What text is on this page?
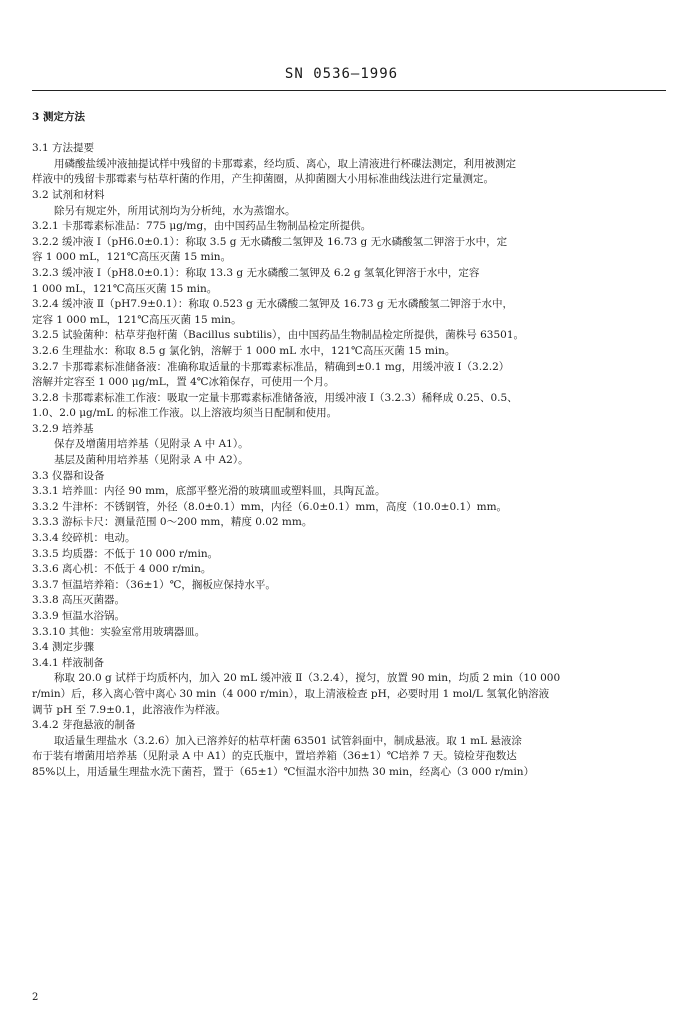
SN 0536—1996
3 测定方法
3.1 方法提要
用磷酸盐缓冲液抽提试样中残留的卡那霉素，经均质、离心，取上清液进行杯碟法测定，利用被测定
样液中的残留卡那霉素与枯草杆菌的作用，产生抑菌圈，从抑菌圈大小用标准曲线法进行定量测定。
3.2 试剂和材料
除另有规定外，所用试剂均为分析纯，水为蒸馏水。
3.2.1 卡那霉素标准品：775 μg/mg，由中国药品生物制品检定所提供。
3.2.2 缓冲液 Ⅰ（pH6.0±0.1）：称取 3.5 g 无水磷酸二氢钾及 16.73 g 无水磷酸氢二钾溶于水中，定
容 1 000 mL，121℃高压灭菌 15 min。
3.2.3 缓冲液 Ⅰ（pH8.0±0.1）：称取 13.3 g 无水磷酸二氢钾及 6.2 g 氢氧化钾溶于水中，定容
1 000 mL，121℃高压灭菌 15 min。
3.2.4 缓冲液 Ⅱ（pH7.9±0.1）：称取 0.523 g 无水磷酸二氢钾及 16.73 g 无水磷酸氢二钾溶于水中，
定容 1 000 mL，121℃高压灭菌 15 min。
3.2.5 试验菌种：枯草芽孢杆菌（Bacillus subtilis），由中国药品生物制品检定所提供，菌株号 63501。
3.2.6 生理盐水：称取 8.5 g 氯化钠，溶解于 1 000 mL 水中，121℃高压灭菌 15 min。
3.2.7 卡那霉素标准储备液：准确称取适量的卡那霉素标准品，精确到±0.1 mg，用缓冲液 Ⅰ（3.2.2）
溶解并定容至 1 000 μg/mL，置 4℃冰箱保存，可使用一个月。
3.2.8 卡那霉素标准工作液：吸取一定量卡那霉素标准储备液，用缓冲液 Ⅰ（3.2.3）稀释成 0.25、0.5、
1.0、2.0 μg/mL 的标准工作液。以上溶液均须当日配制和使用。
3.2.9 培养基
保存及增菌用培养基（见附录 A 中 A1）。
基层及菌种用培养基（见附录 A 中 A2）。
3.3 仪器和设备
3.3.1 培养皿：内径 90 mm，底部平整光滑的玻璃皿或塑料皿，具陶瓦盖。
3.3.2 牛津杯：不锈钢管，外径（8.0±0.1）mm，内径（6.0±0.1）mm，高度（10.0±0.1）mm。
3.3.3 游标卡尺：测量范围 0～200 mm，精度 0.02 mm。
3.3.4 绞碎机：电动。
3.3.5 均质器：不低于 10 000 r/min。
3.3.6 离心机：不低于 4 000 r/min。
3.3.7 恒温培养箱：（36±1）℃，搁板应保持水平。
3.3.8 高压灭菌器。
3.3.9 恒温水浴锅。
3.3.10 其他：实验室常用玻璃器皿。
3.4 测定步骤
3.4.1 样液制备
称取 20.0 g 试样于均质杯内，加入 20 mL 缓冲液 Ⅱ（3.2.4），搅匀，放置 90 min，均质 2 min（10 000
r/min）后，移入离心管中离心 30 min（4 000 r/min），取上清液检查 pH，必要时用 1 mol/L 氢氧化钠溶液
调节 pH 至 7.9±0.1，此溶液作为样液。
3.4.2 芽孢悬液的制备
取适量生理盐水（3.2.6）加入已溶养好的枯草杆菌 63501 试管斜面中，制成悬液。取 1 mL 悬液涂
布于装有增菌用培养基（见附录 A 中 A1）的克氏瓶中，置培养箱（36±1）℃培养 7 天。镜检芽孢数达
85%以上，用适量生理盐水洗下菌苔，置于（65±1）℃恒温水浴中加热 30 min，经离心（3 000 r/min）
2
